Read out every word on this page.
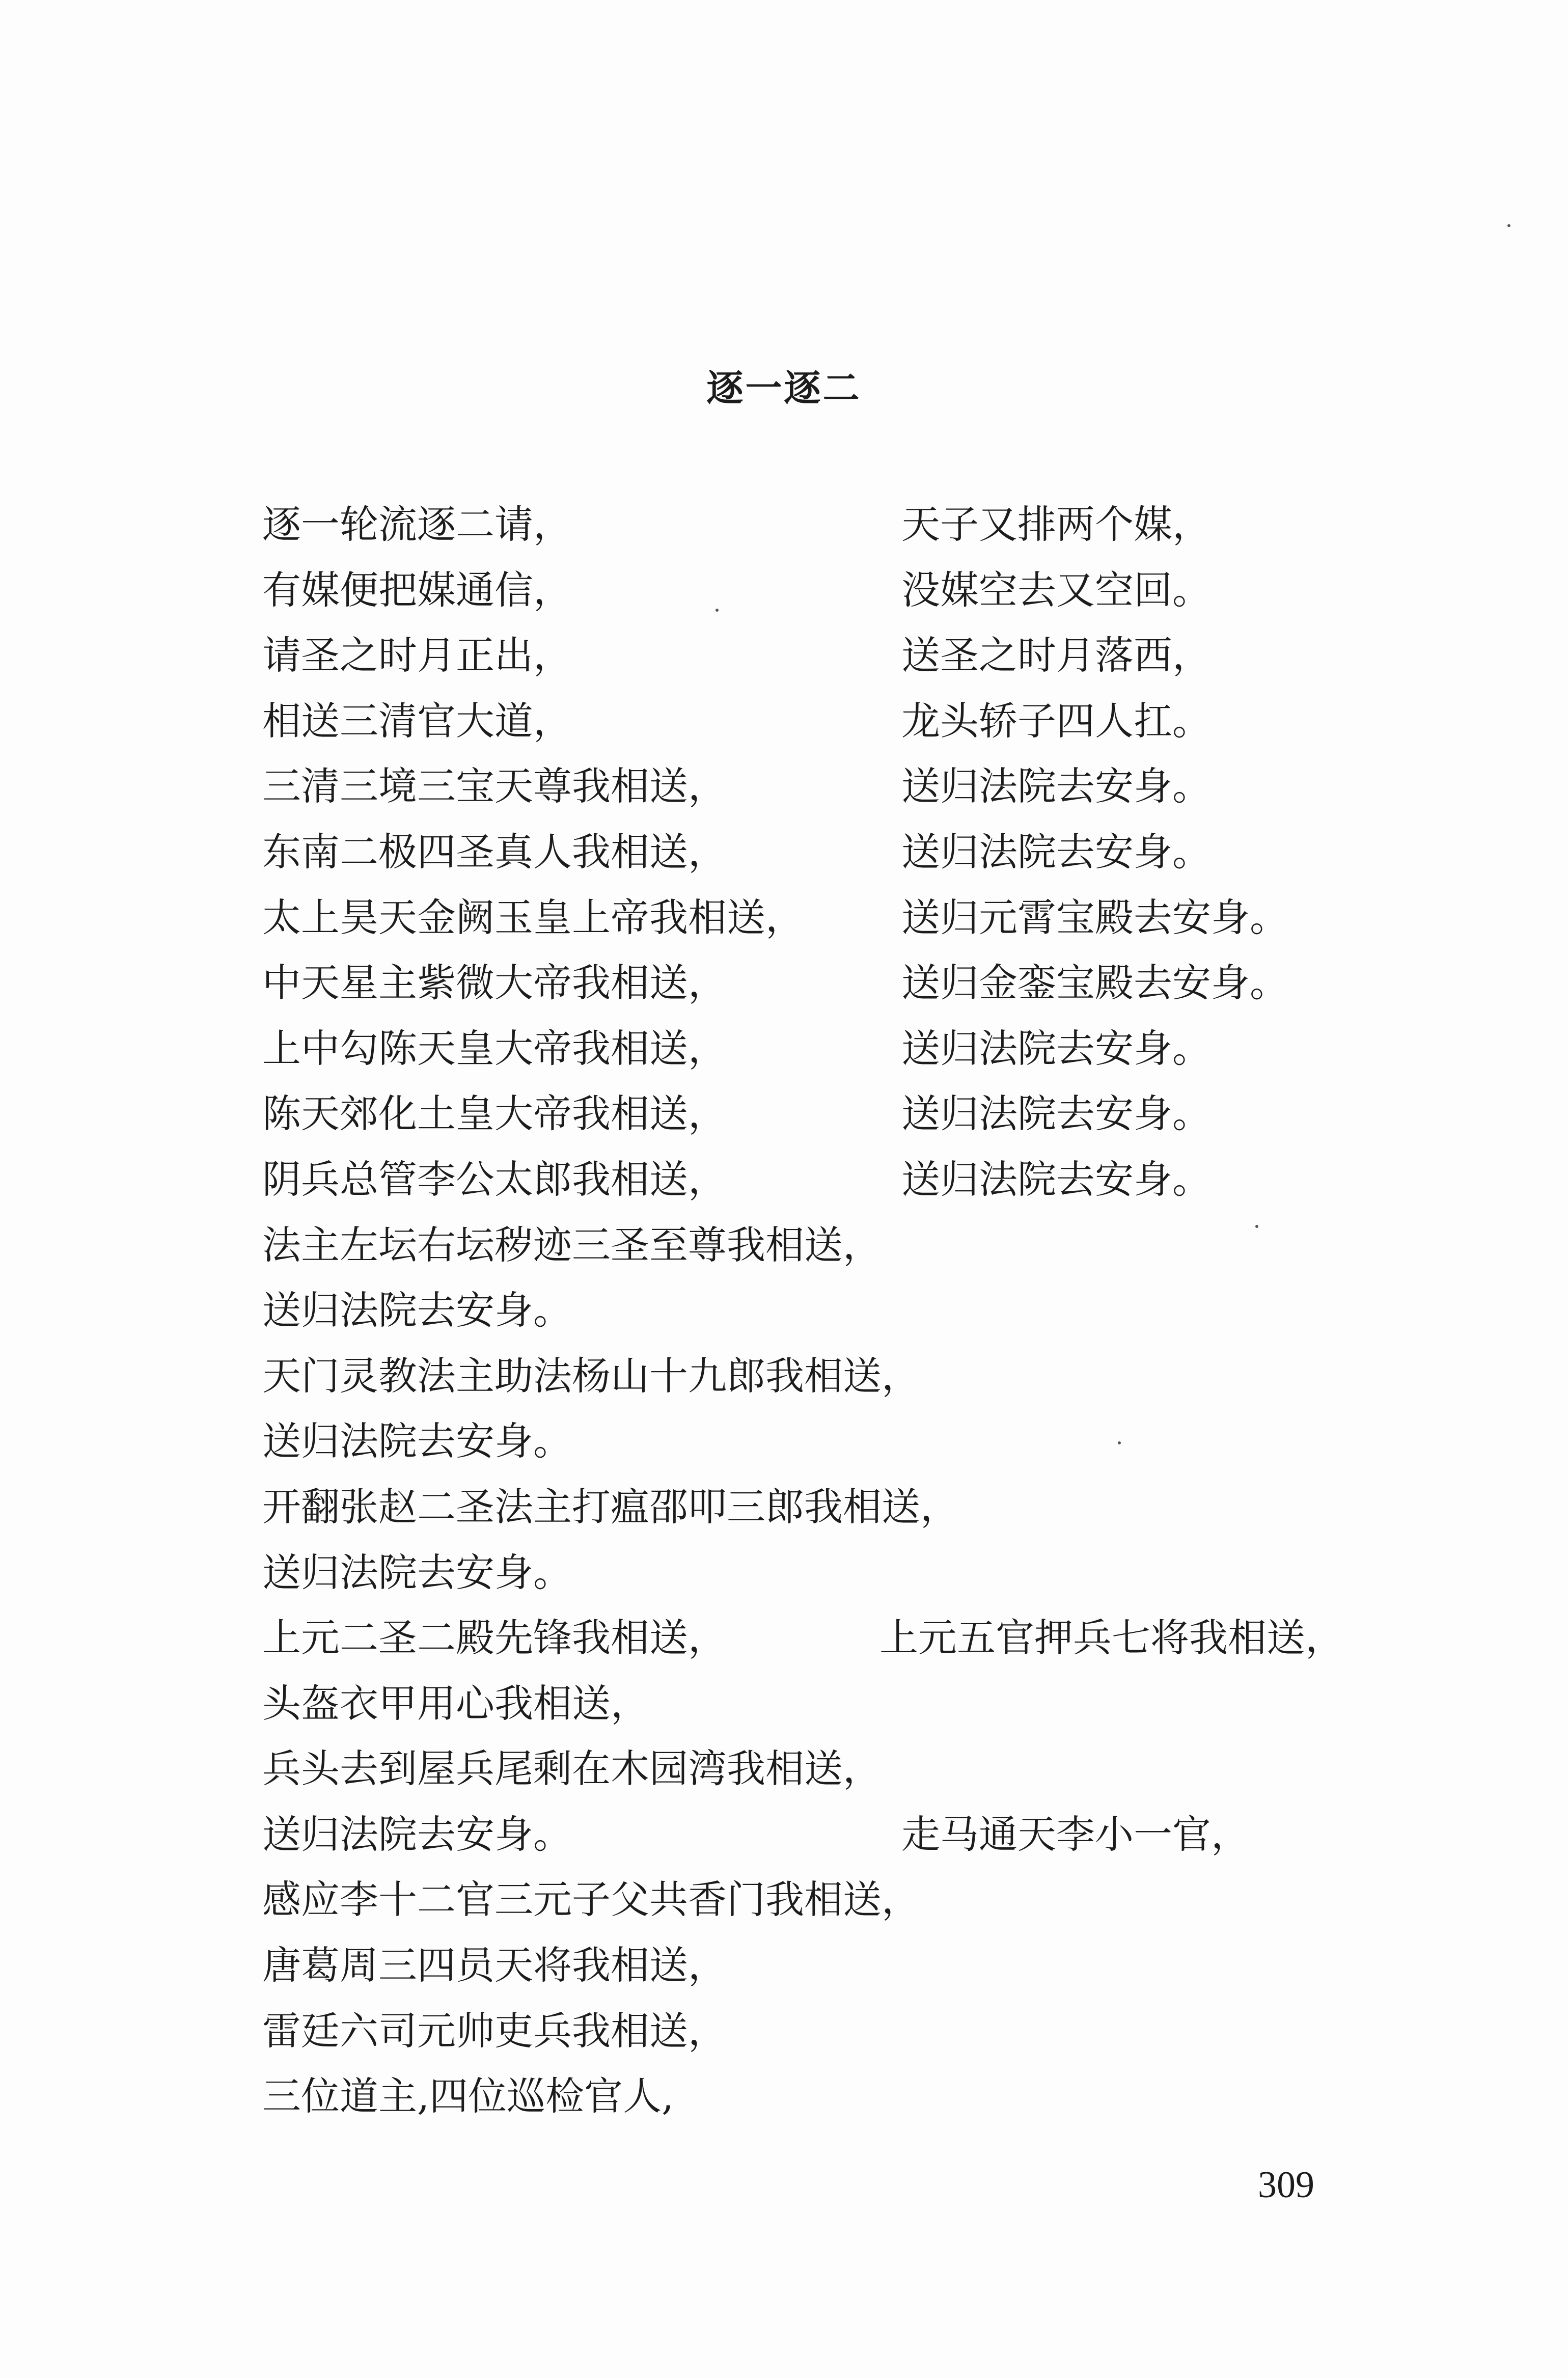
逐一逐二
逐一轮流逐二请，	天子又排两个媒，
有媒便把媒通信，	没媒空去又空回。
请圣之时月正出，	送圣之时月落西，
相送三清官大道，	龙头轿子四人扛。
三清三境三宝天尊我相送，	送归法院去安身。
东南二极四圣真人我相送，	送归法院去安身。
太上昊天金阙玉皇上帝我相送，	送归元霄宝殿去安身。
中天星主紫微大帝我相送，	送归金銮宝殿去安身。
上中勾陈天皇大帝我相送，	送归法院去安身。
陈天郊化土皇大帝我相送，	送归法院去安身。
阴兵总管李公太郎我相送，	送归法院去安身。
法主左坛右坛秽迹三圣至尊我相送，
送归法院去安身。
天门灵教法主助法杨山十九郎我相送，
送归法院去安身。
开翻张赵二圣法主打瘟邵叩三郎我相送，
送归法院去安身。
上元二圣二殿先锋我相送，	上元五官押兵七将我相送，
头盔衣甲用心我相送，
兵头去到屋兵尾剩在木园湾我相送，
送归法院去安身。	走马通天李小一官，
感应李十二官三元子父共香门我相送，
唐葛周三四员天将我相送，
雷廷六司元帅吏兵我相送，
三位道主,四位巡检官人,
309
